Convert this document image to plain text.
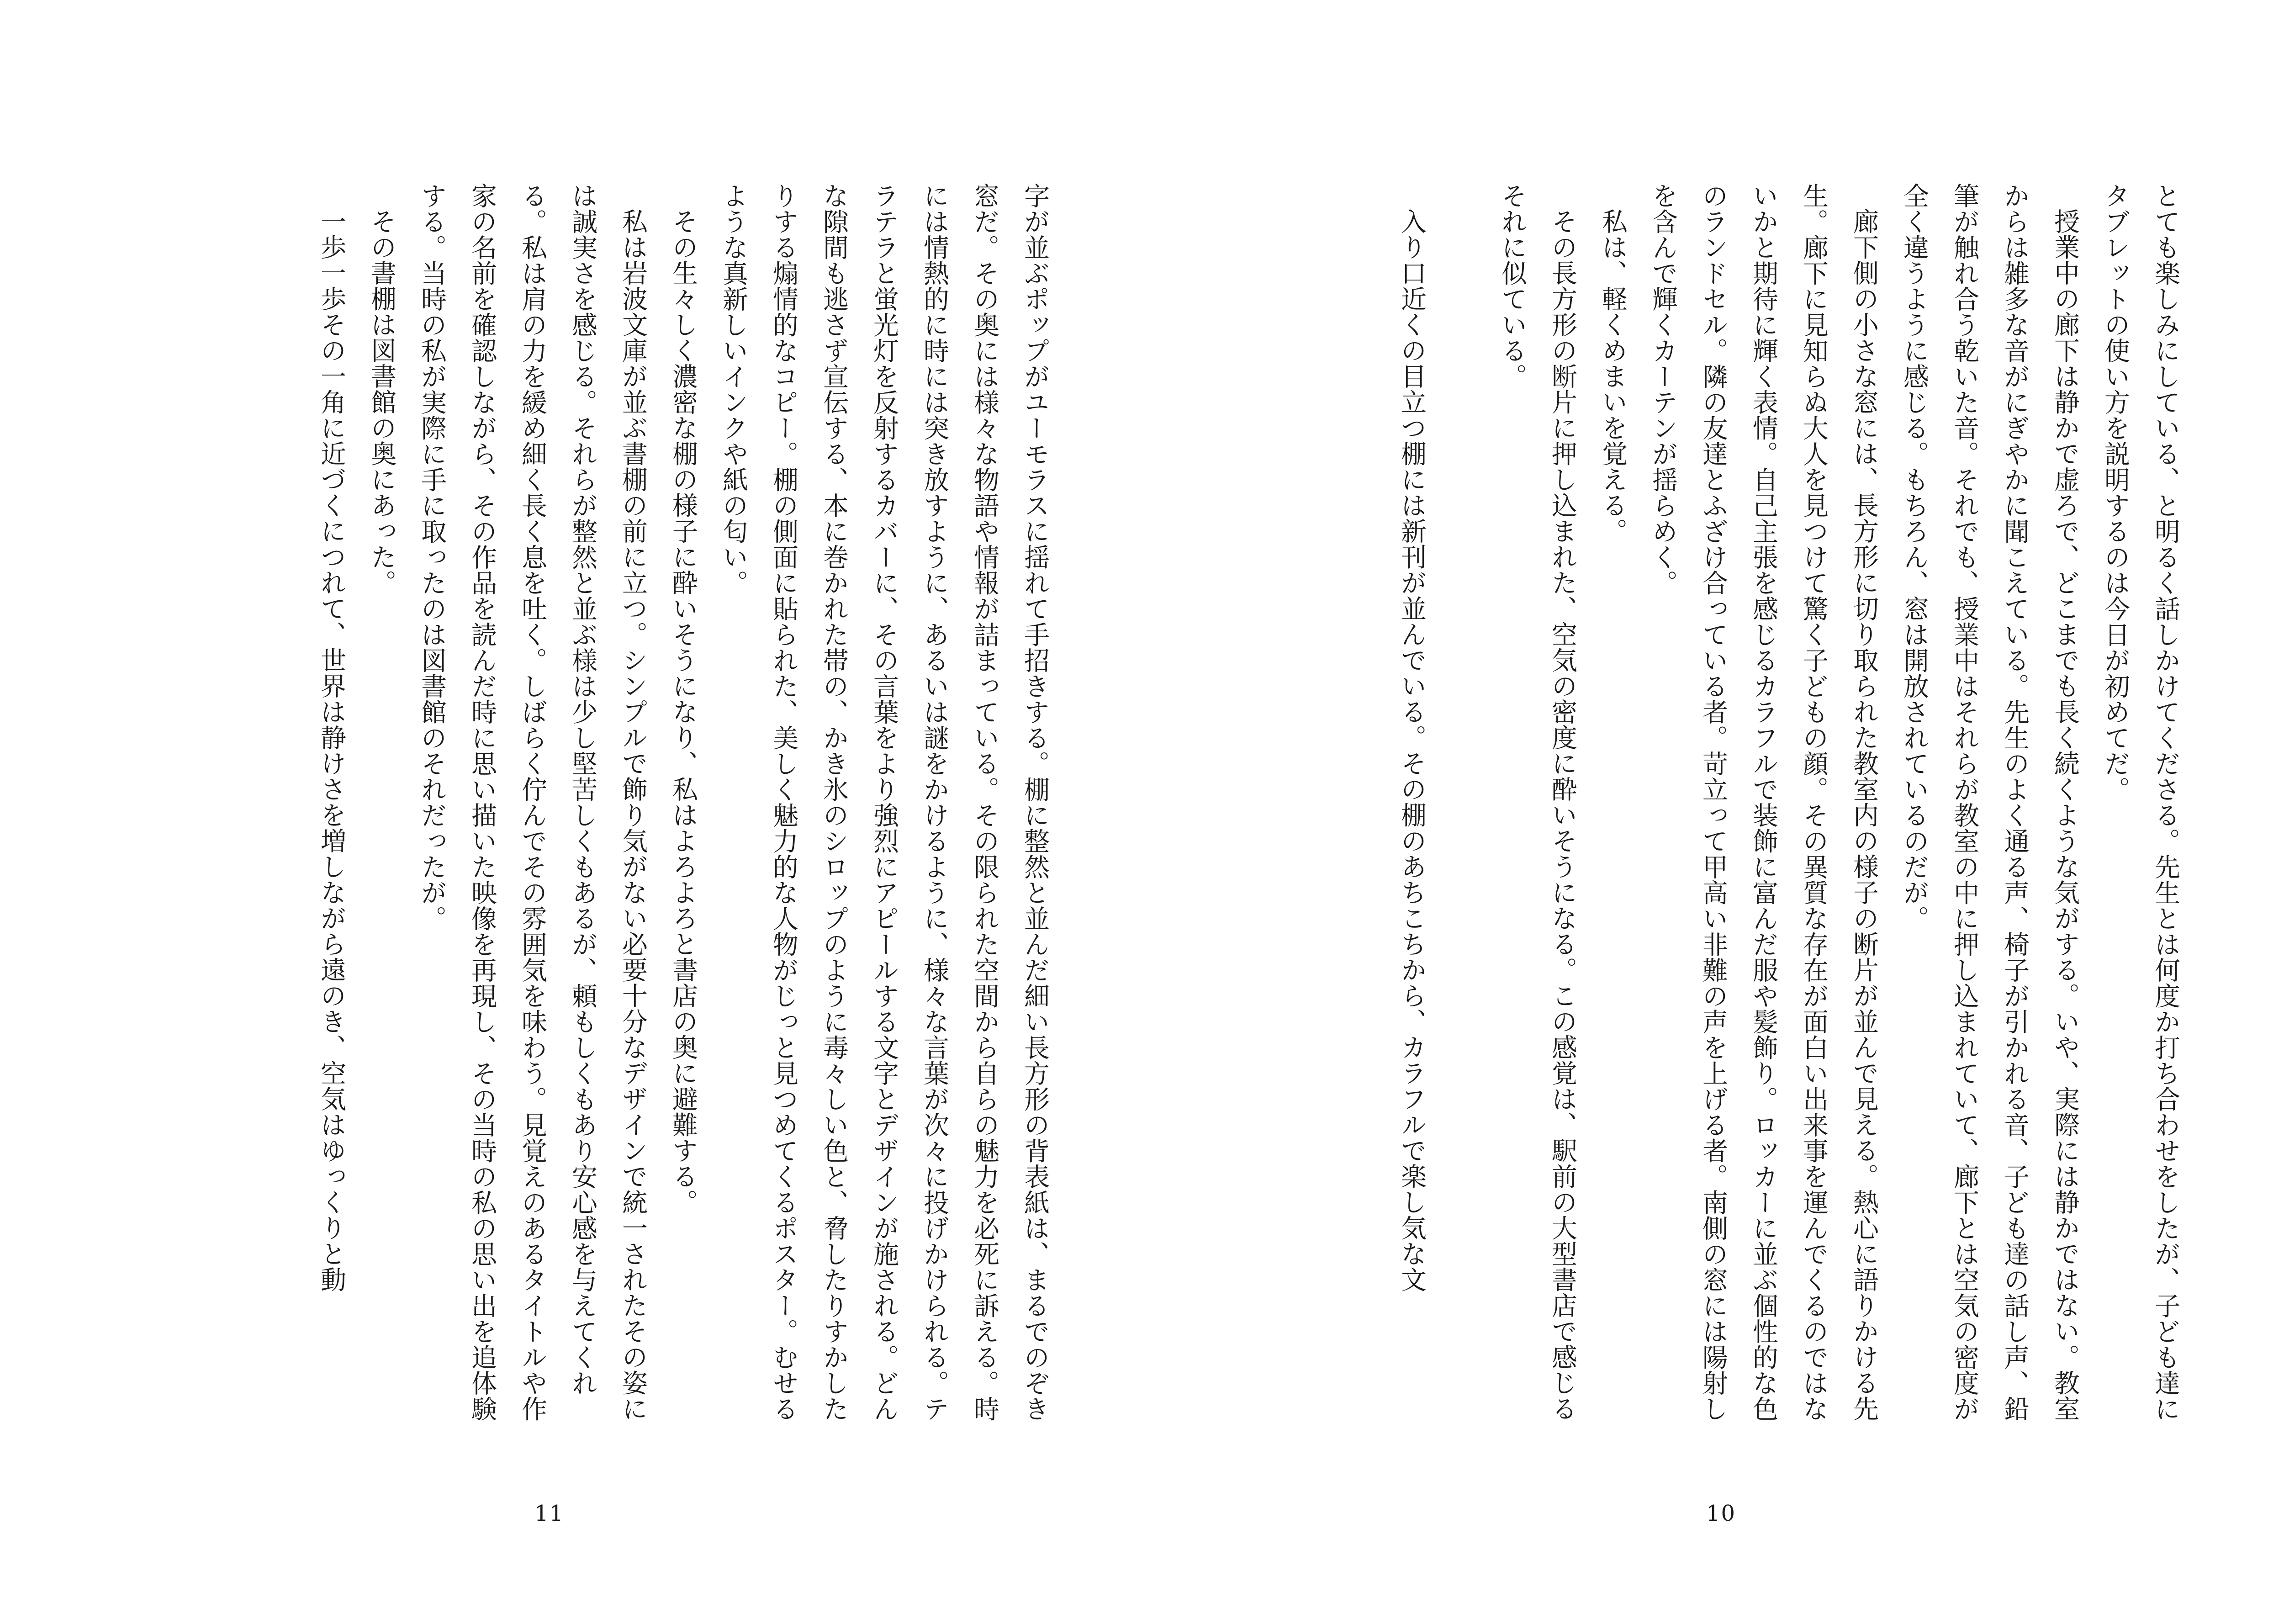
とても楽しみにしている、と明るく話しかけてくださる。先生とは何度か打ち合わせをしたが、子ども達にタブレットの使い方を説明するのは今日が初めてだ。

授業中の廊下は静かで虚ろで、どこまでも長く続くような気がする。いや、実際には静かではない。教室からは雑多な音がにぎやかに聞こえている。先生のよく通る声、椅子が引かれる音、子ども達の話し声、鉛筆が触れ合う乾いた音。それでも、授業中はそれらが教室の中に押し込まれていて、廊下とは空気の密度が全く違うように感じる。もちろん、窓は開放されているのだが。

廊下側の小さな窓には、長方形に切り取られた教室内の様子の断片が並んで見える。熱心に語りかける先生。廊下に見知らぬ大人を見つけて驚く子どもの顔。その異質な存在が面白い出来事を運んでくるのではないかと期待に輝く表情。自己主張を感じるカラフルで装飾に富んだ服や髪飾り。ロッカーに並ぶ個性的な色のランドセル。隣の友達とふざけ合っている者。苛立って甲高い非難の声を上げる者。南側の窓には陽射しを含んで輝くカーテンが揺らめく。

私は、軽くめまいを覚える。

その長方形の断片に押し込まれた、空気の密度に酔いそうになる。この感覚は、駅前の大型書店で感じるそれに似ている。

入り口近くの目立つ棚には新刊が並んでいる。その棚のあちこちから、カラフルで楽し気な文

10

字が並ぶポップがユーモラスに揺れて手招きする。棚に整然と並んだ細い長方形の背表紙は、まるでのぞき窓だ。その奥には様々な物語や情報が詰まっている。その限られた空間から自らの魅力を必死に訴える。時には情熱的に時には突き放すように、あるいは謎をかけるように、様々な言葉が次々に投げかけられる。テラテラと蛍光灯を反射するカバーに、その言葉をより強烈にアピールする文字とデザインが施される。どんな隙間も逃さず宣伝する、本に巻かれた帯の、かき氷のシロップのように毒々しい色と、脅したりすかしたりする煽情的なコピー。棚の側面に貼られた、美しく魅力的な人物がじっと見つめてくるポスター。むせるような真新しいインクや紙の匂い。

その生々しく濃密な棚の様子に酔いそうになり、私はよろよろと書店の奥に避難する。

私は岩波文庫が並ぶ書棚の前に立つ。シンプルで飾り気がない必要十分なデザインで統一されたその姿には誠実さを感じる。それらが整然と並ぶ様は少し堅苦しくもあるが、頼もしくもあり安心感を与えてくれる。私は肩の力を緩め細く長く息を吐く。しばらく佇んでその雰囲気を味わう。見覚えのあるタイトルや作家の名前を確認しながら、その作品を読んだ時に思い描いた映像を再現し、その当時の私の思い出を追体験する。当時の私が実際に手に取ったのは図書館のそれだったが。

その書棚は図書館の奥にあった。

一歩一歩その一角に近づくにつれて、世界は静けさを増しながら遠のき、空気はゆっくりと動

11
